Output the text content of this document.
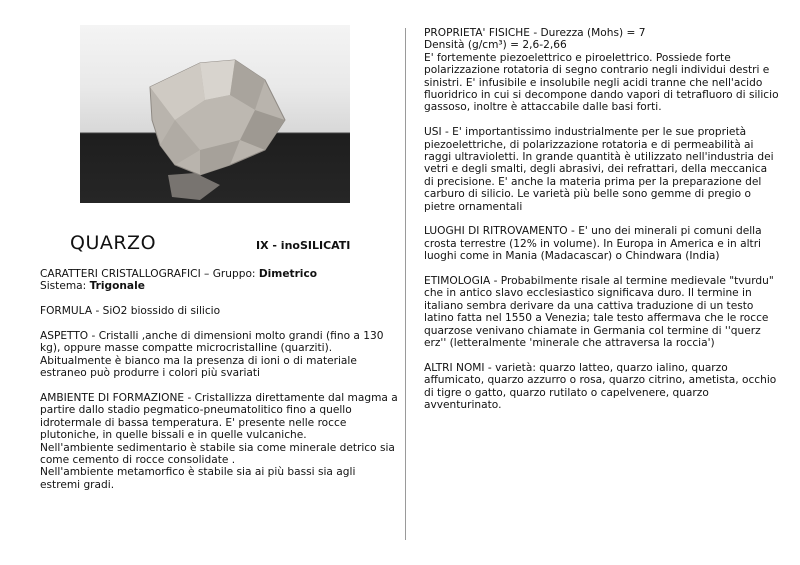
QUARZO	IX - inoSILICATI

CARATTERI CRISTALLOGRAFICI – Gruppo: Dimetrico

Sistema: Trigonale

FORMULA - SiO2 biossido di silicio

ASPETTO - Cristalli ,anche di dimensioni molto grandi (fino a 130 kg), oppure masse compatte microcristalline (quarziti). Abitualmente è bianco ma la presenza di ioni o di materiale estraneo può produrre i colori più svariati

AMBIENTE DI FORMAZIONE - Cristallizza direttamente dal magma a partire dallo stadio pegmatico-pneumatolitico fino a quello idrotermale di bassa temperatura. E' presente nelle rocce plutoniche, in quelle bissali e in quelle vulcaniche.

Nell'ambiente sedimentario è stabile sia come minerale detrico sia come cemento di rocce consolidate .

Nell'ambiente metamorfico è stabile sia ai più bassi sia agli estremi gradi.

PROPRIETA' FISICHE - Durezza (Mohs) = 7

Densità (g/cm³) = 2,6-2,66

E' fortemente piezoelettrico e piroelettrico. Possiede forte polarizzazione rotatoria di segno contrario negli individui destri e sinistri. E' infusibile e insolubile negli acidi tranne che nell'acido fluoridrico in cui si decompone dando vapori di tetrafluoro di silicio gassoso, inoltre è attaccabile dalle basi forti.

USI - E' importantissimo industrialmente per le sue proprietà piezoelettriche, di polarizzazione rotatoria e di permeabilità ai raggi ultravioletti. In grande quantità è utilizzato nell'industria dei vetri e degli smalti, degli abrasivi, dei refrattari, della meccanica di precisione. E' anche la materia prima per la preparazione del carburo di silicio. Le varietà più belle sono gemme di pregio o pietre ornamentali

LUOGHI DI RITROVAMENTO - E' uno dei minerali pi comuni della crosta terrestre (12% in volume). In Europa in America e in altri luoghi come in Mania (Madacascar) o Chindwara (India)

ETIMOLOGIA - Probabilmente risale al termine medievale "tvurdu" che in antico slavo ecclesiastico significava duro. Il termine in italiano sembra derivare da una cattiva traduzione di un testo latino fatta nel 1550 a Venezia; tale testo affermava che le rocce quarzose venivano chiamate in Germania col termine di ''querz erz'' (letteralmente 'minerale che attraversa la roccia')

ALTRI NOMI - varietà: quarzo latteo, quarzo ialino, quarzo affumicato, quarzo azzurro o rosa, quarzo citrino, ametista, occhio di tigre o gatto, quarzo rutilato o capelvenere, quarzo avventurinato.
